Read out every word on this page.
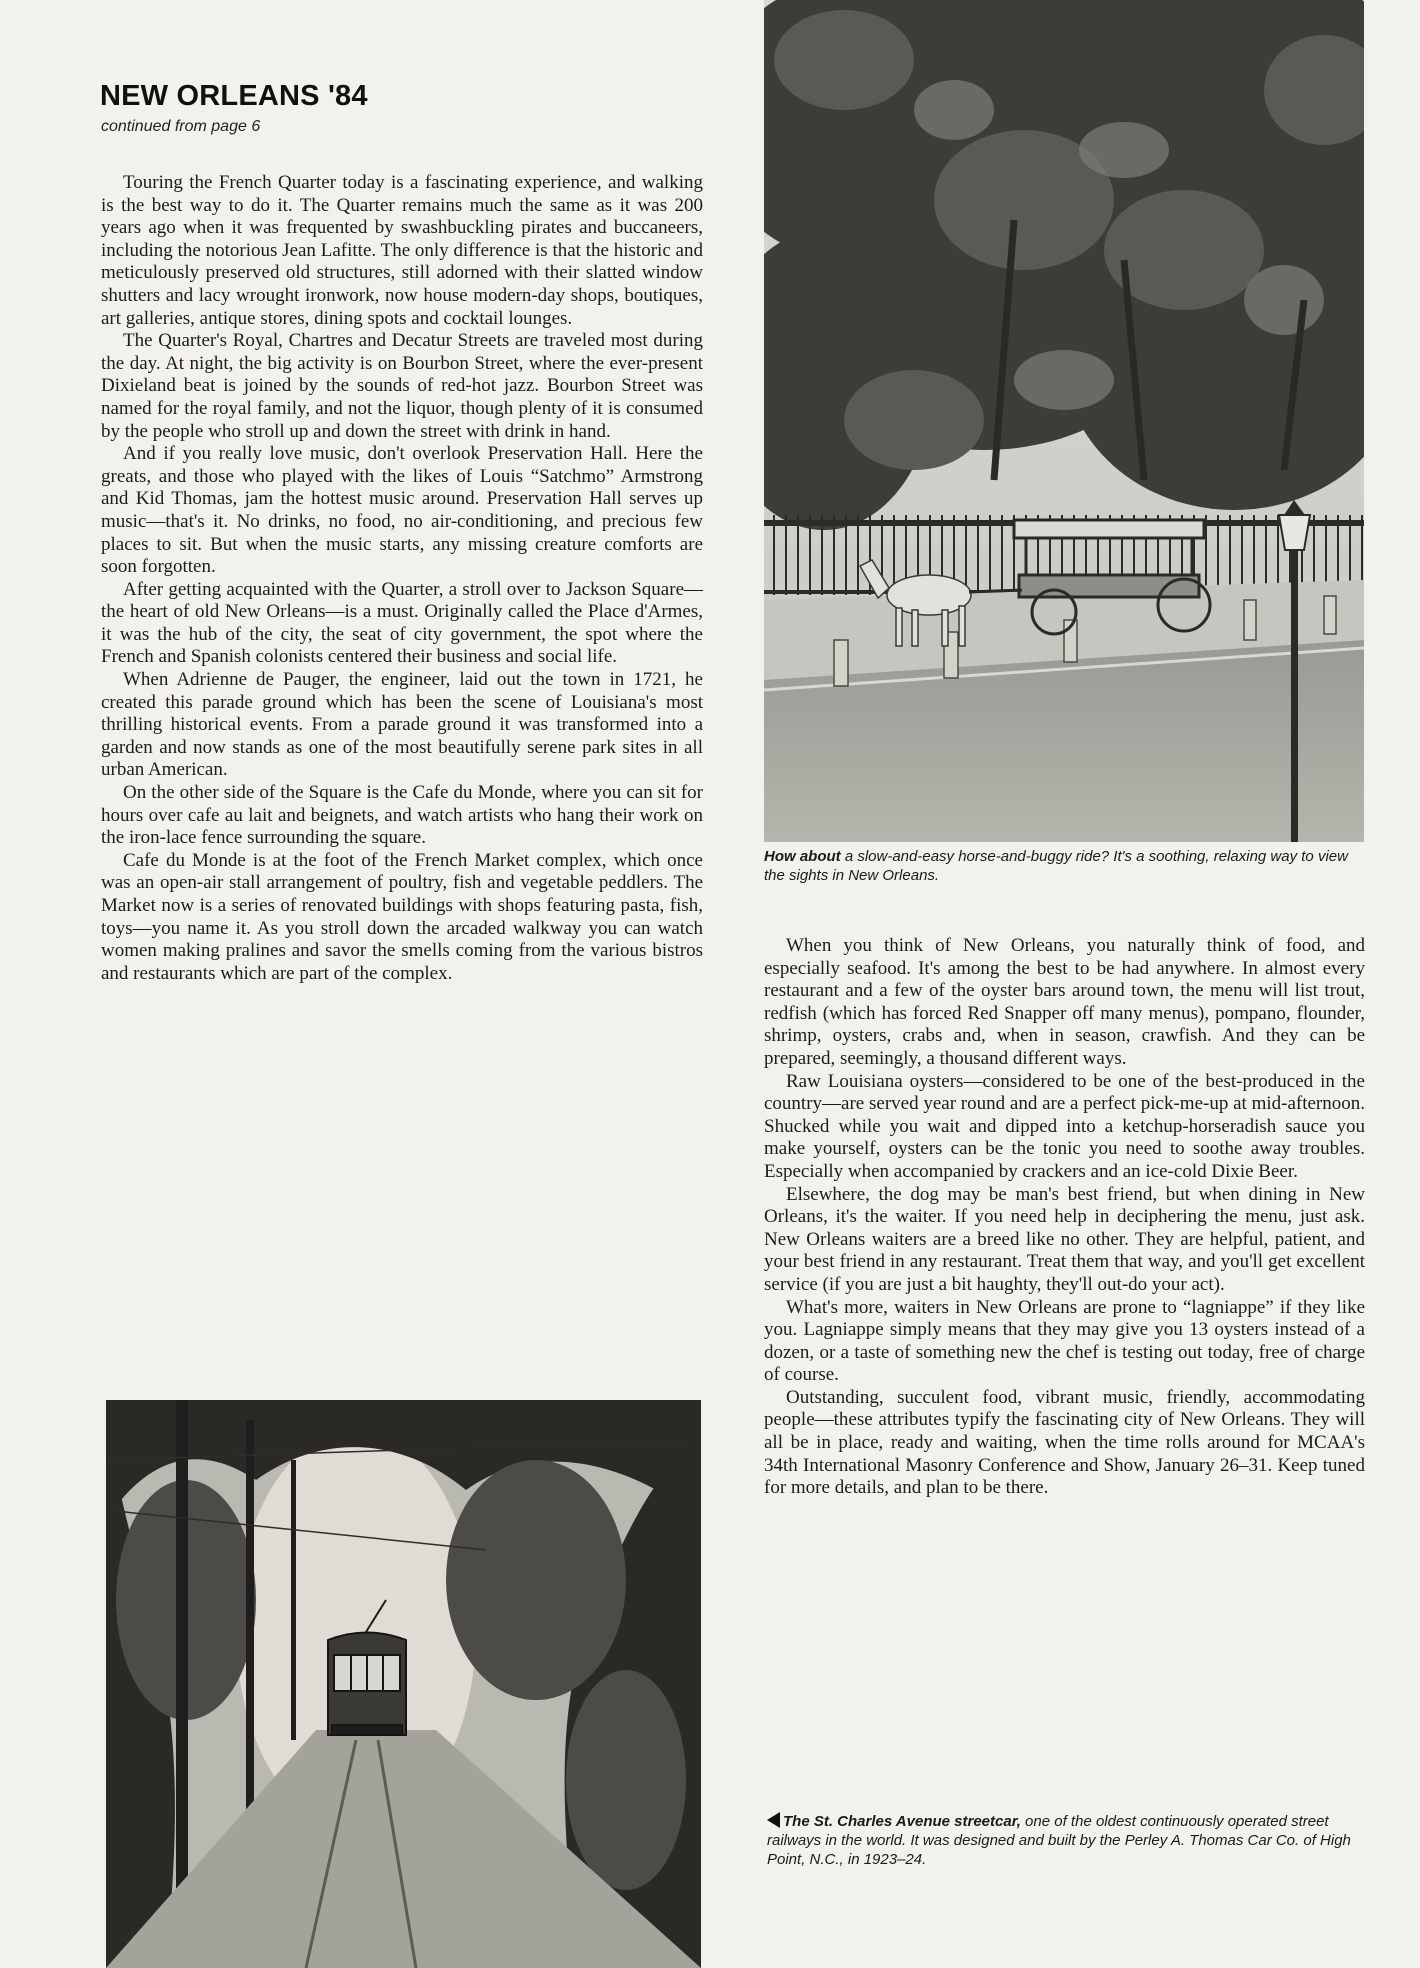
NEW ORLEANS '84

continued from page 6

Touring the French Quarter today is a fascinating experience, and walking is the best way to do it. The Quarter remains much the same as it was 200 years ago when it was frequented by swashbuckling pirates and buccaneers, including the notorious Jean Lafitte. The only difference is that the historic and meticulously preserved old structures, still adorned with their slatted window shutters and lacy wrought ironwork, now house modern-day shops, boutiques, art galleries, antique stores, dining spots and cocktail lounges.

The Quarter's Royal, Chartres and Decatur Streets are traveled most during the day. At night, the big activity is on Bourbon Street, where the ever-present Dixieland beat is joined by the sounds of red-hot jazz. Bourbon Street was named for the royal family, and not the liquor, though plenty of it is consumed by the people who stroll up and down the street with drink in hand.

And if you really love music, don't overlook Preservation Hall. Here the greats, and those who played with the likes of Louis “Satchmo” Armstrong and Kid Thomas, jam the hottest music around. Preservation Hall serves up music—that's it. No drinks, no food, no air-conditioning, and precious few places to sit. But when the music starts, any missing creature comforts are soon forgotten.

After getting acquainted with the Quarter, a stroll over to Jackson Square—the heart of old New Orleans—is a must. Originally called the Place d'Armes, it was the hub of the city, the seat of city government, the spot where the French and Spanish colonists centered their business and social life.

When Adrienne de Pauger, the engineer, laid out the town in 1721, he created this parade ground which has been the scene of Louisiana's most thrilling historical events. From a parade ground it was transformed into a garden and now stands as one of the most beautifully serene park sites in all urban American.

On the other side of the Square is the Cafe du Monde, where you can sit for hours over cafe au lait and beignets, and watch artists who hang their work on the iron-lace fence surrounding the square.

Cafe du Monde is at the foot of the French Market complex, which once was an open-air stall arrangement of poultry, fish and vegetable peddlers. The Market now is a series of renovated buildings with shops featuring pasta, fish, toys—you name it. As you stroll down the arcaded walkway you can watch women making pralines and savor the smells coming from the various bistros and restaurants which are part of the complex.

How about a slow-and-easy horse-and-buggy ride? It's a soothing, relaxing way to view the sights in New Orleans.

When you think of New Orleans, you naturally think of food, and especially seafood. It's among the best to be had anywhere. In almost every restaurant and a few of the oyster bars around town, the menu will list trout, redfish (which has forced Red Snapper off many menus), pompano, flounder, shrimp, oysters, crabs and, when in season, crawfish. And they can be prepared, seemingly, a thousand different ways.

Raw Louisiana oysters—considered to be one of the best-produced in the country—are served year round and are a perfect pick-me-up at mid-afternoon. Shucked while you wait and dipped into a ketchup-horseradish sauce you make yourself, oysters can be the tonic you need to soothe away troubles. Especially when accompanied by crackers and an ice-cold Dixie Beer.

Elsewhere, the dog may be man's best friend, but when dining in New Orleans, it's the waiter. If you need help in deciphering the menu, just ask. New Orleans waiters are a breed like no other. They are helpful, patient, and your best friend in any restaurant. Treat them that way, and you'll get excellent service (if you are just a bit haughty, they'll out-do your act).

What's more, waiters in New Orleans are prone to “lagniappe” if they like you. Lagniappe simply means that they may give you 13 oysters instead of a dozen, or a taste of something new the chef is testing out today, free of charge of course.

Outstanding, succulent food, vibrant music, friendly, accommodating people—these attributes typify the fascinating city of New Orleans. They will all be in place, ready and waiting, when the time rolls around for MCAA's 34th International Masonry Conference and Show, January 26–31. Keep tuned for more details, and plan to be there.

The St. Charles Avenue streetcar, one of the oldest continuously operated street railways in the world. It was designed and built by the Perley A. Thomas Car Co. of High Point, N.C., in 1923–24.
